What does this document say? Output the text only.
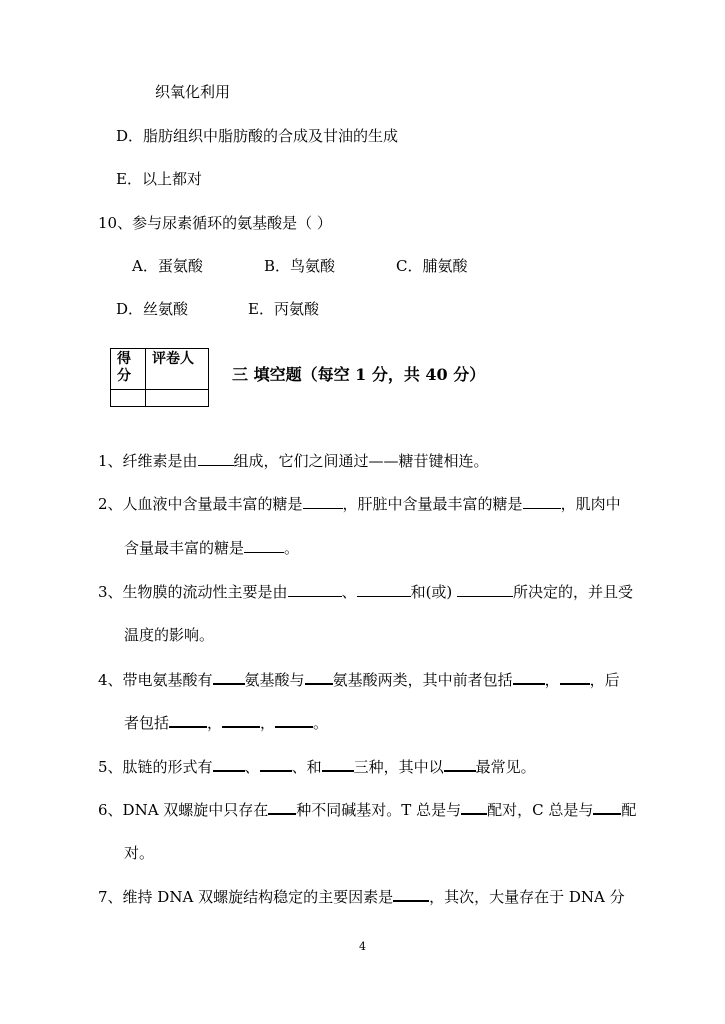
织氧化利用
D．脂肪组织中脂肪酸的合成及甘油的生成
E．以上都对
10、参与尿素循环的氨基酸是（ ）
A．蛋氨酸	B．鸟氨酸	C．脯氨酸
D．丝氨酸	E．丙氨酸
得分	评卷人

三 填空题（每空 1 分，共 40 分）
1、纤维素是由 组成，它们之间通过——糖苷键相连。
2、人血液中含量最丰富的糖是	，肝脏中含量最丰富的糖是	，肌肉中
含量最丰富的糖是	。
3、生物膜的流动性主要是由	、	和(或)	所决定的，并且受
温度的影响。
4、带电氨基酸有 氨基酸与 氨基酸两类，其中前者包括 ， ，后
者包括	，	，	。
5、肽链的形式有 、 、和 三种，其中以 最常见。
6、DNA 双螺旋中只存在 种不同碱基对。T 总是与 配对，C 总是与 配
对。
7、维持 DNA 双螺旋结构稳定的主要因素是 ，其次，大量存在于 DNA 分
4
